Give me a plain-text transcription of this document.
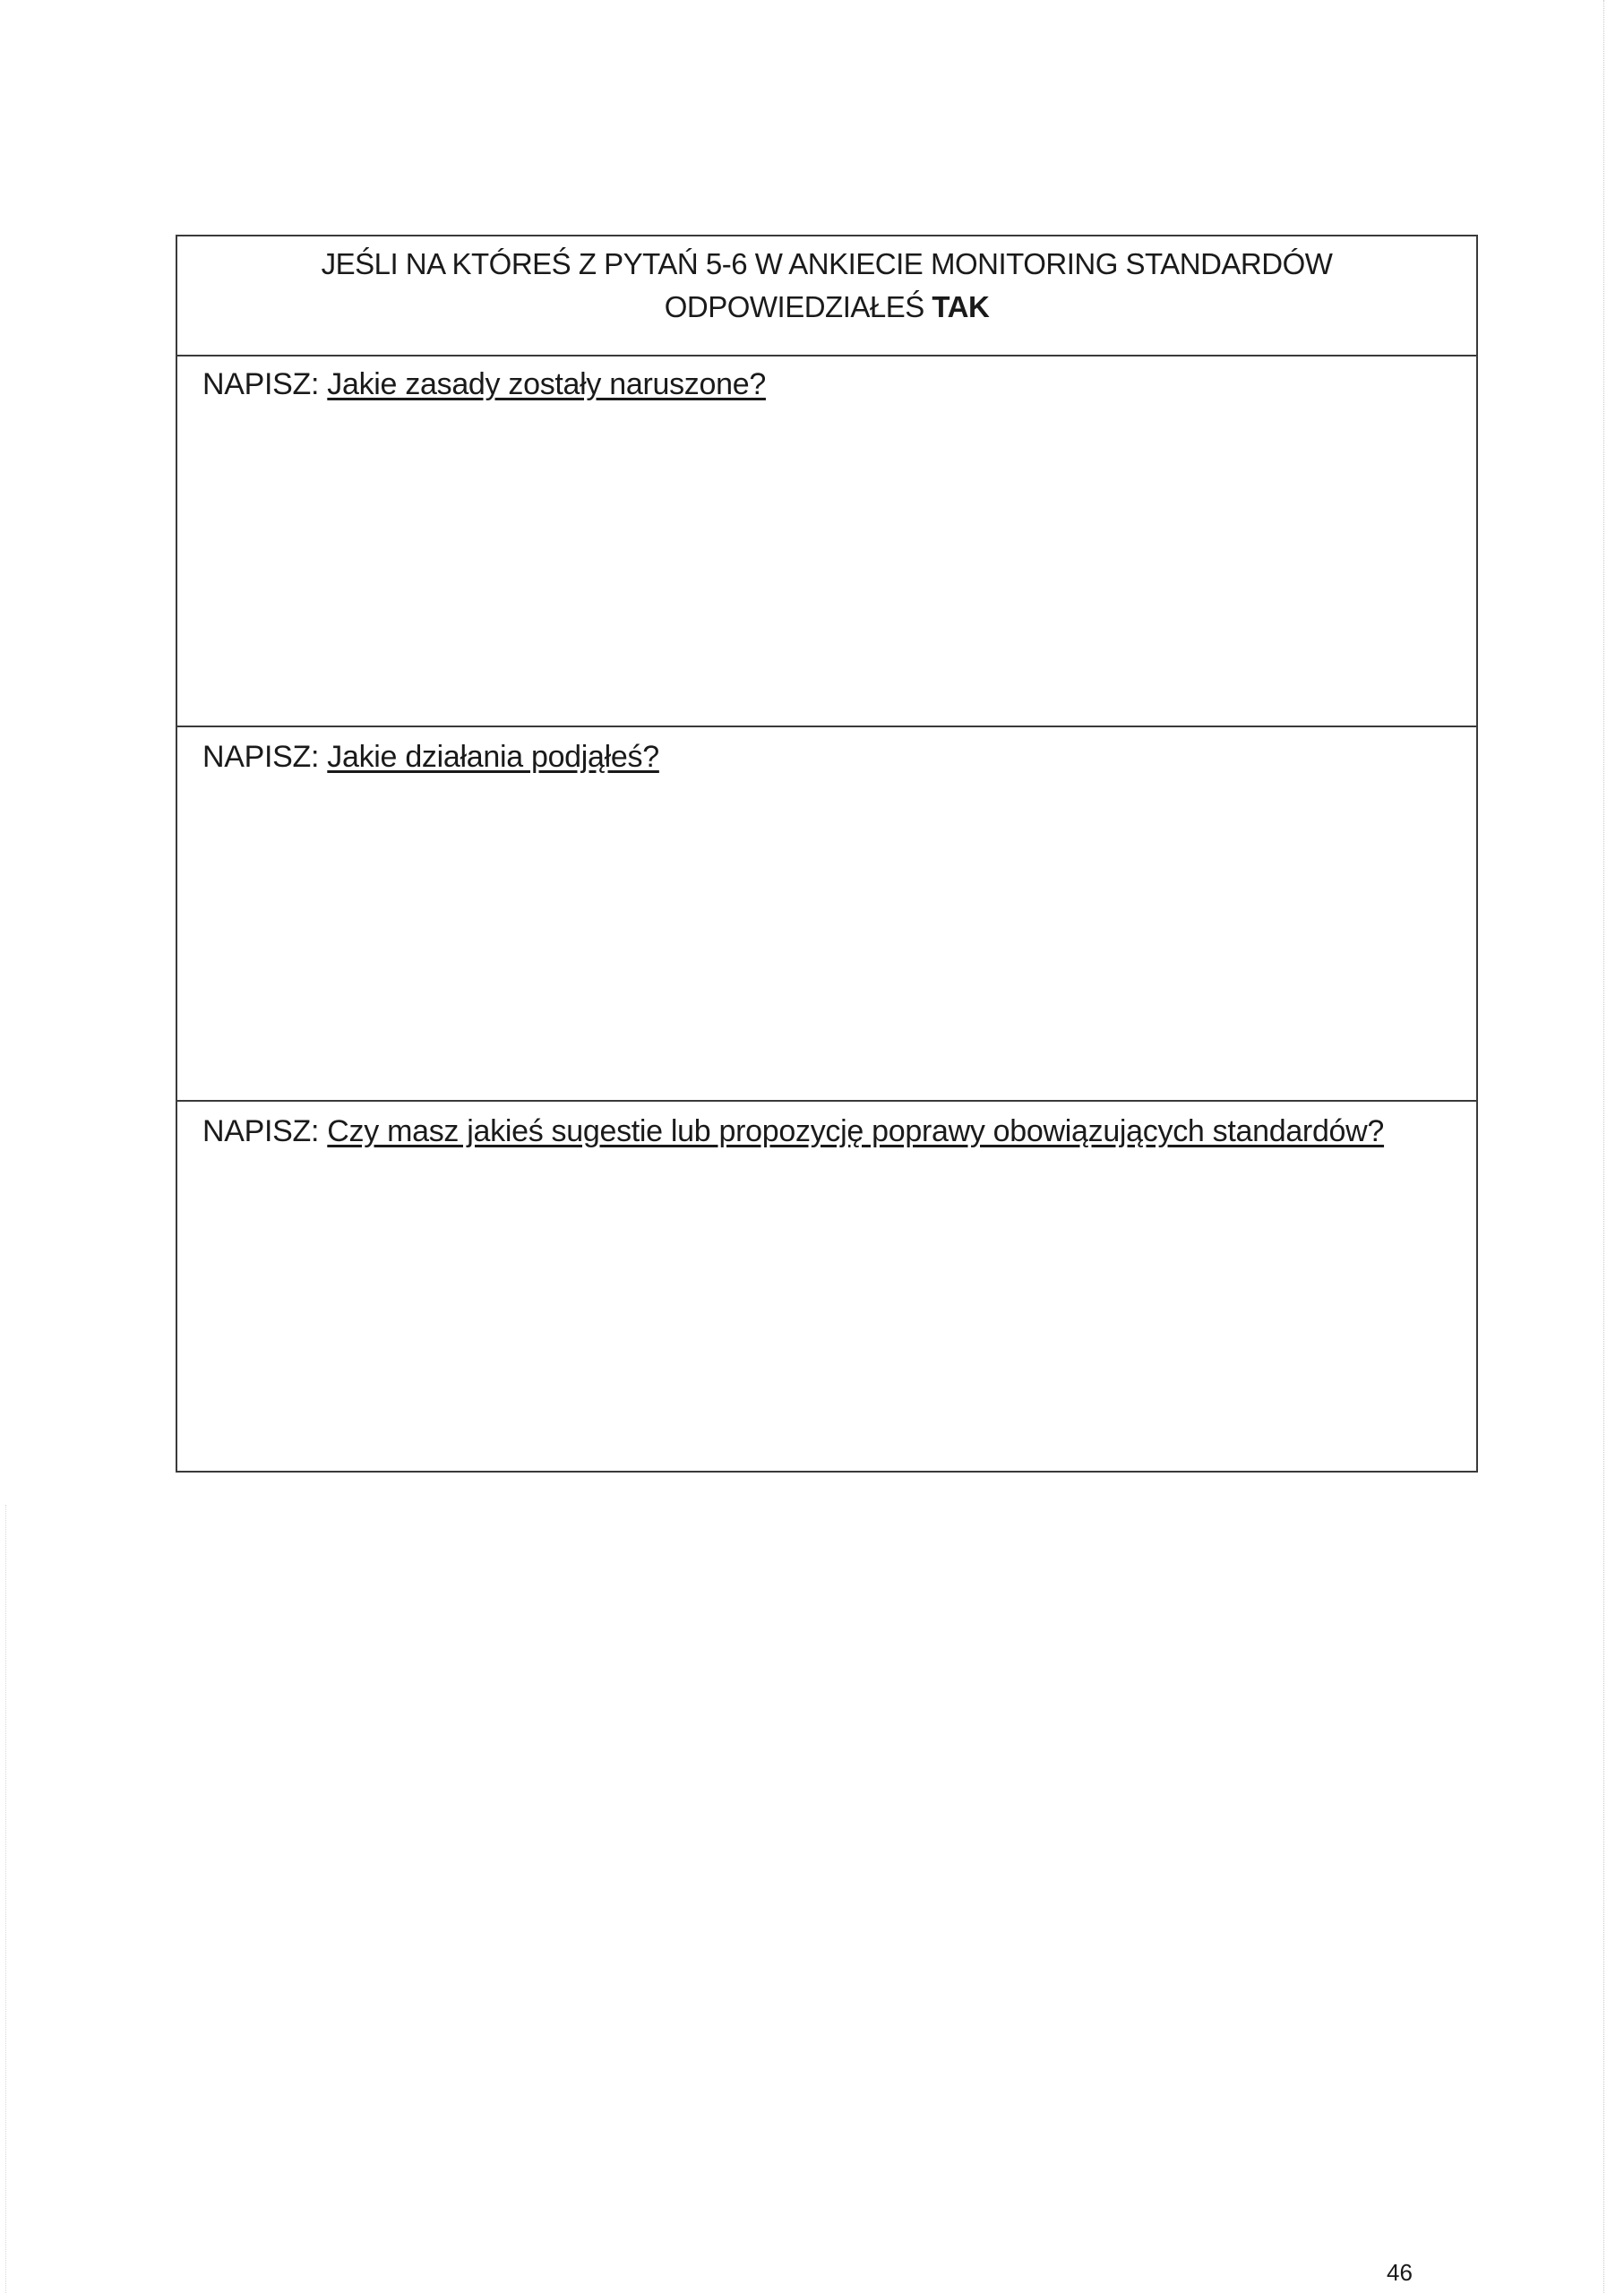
JEŚLI NA KTÓREŚ Z PYTAŃ 5-6 W ANKIECIE MONITORING STANDARDÓW
ODPOWIEDZIAŁEŚ TAK
NAPISZ: Jakie zasady zostały naruszone?
NAPISZ: Jakie działania podjąłeś?
NAPISZ: Czy masz jakieś sugestie lub propozycję poprawy obowiązujących standardów?
46
